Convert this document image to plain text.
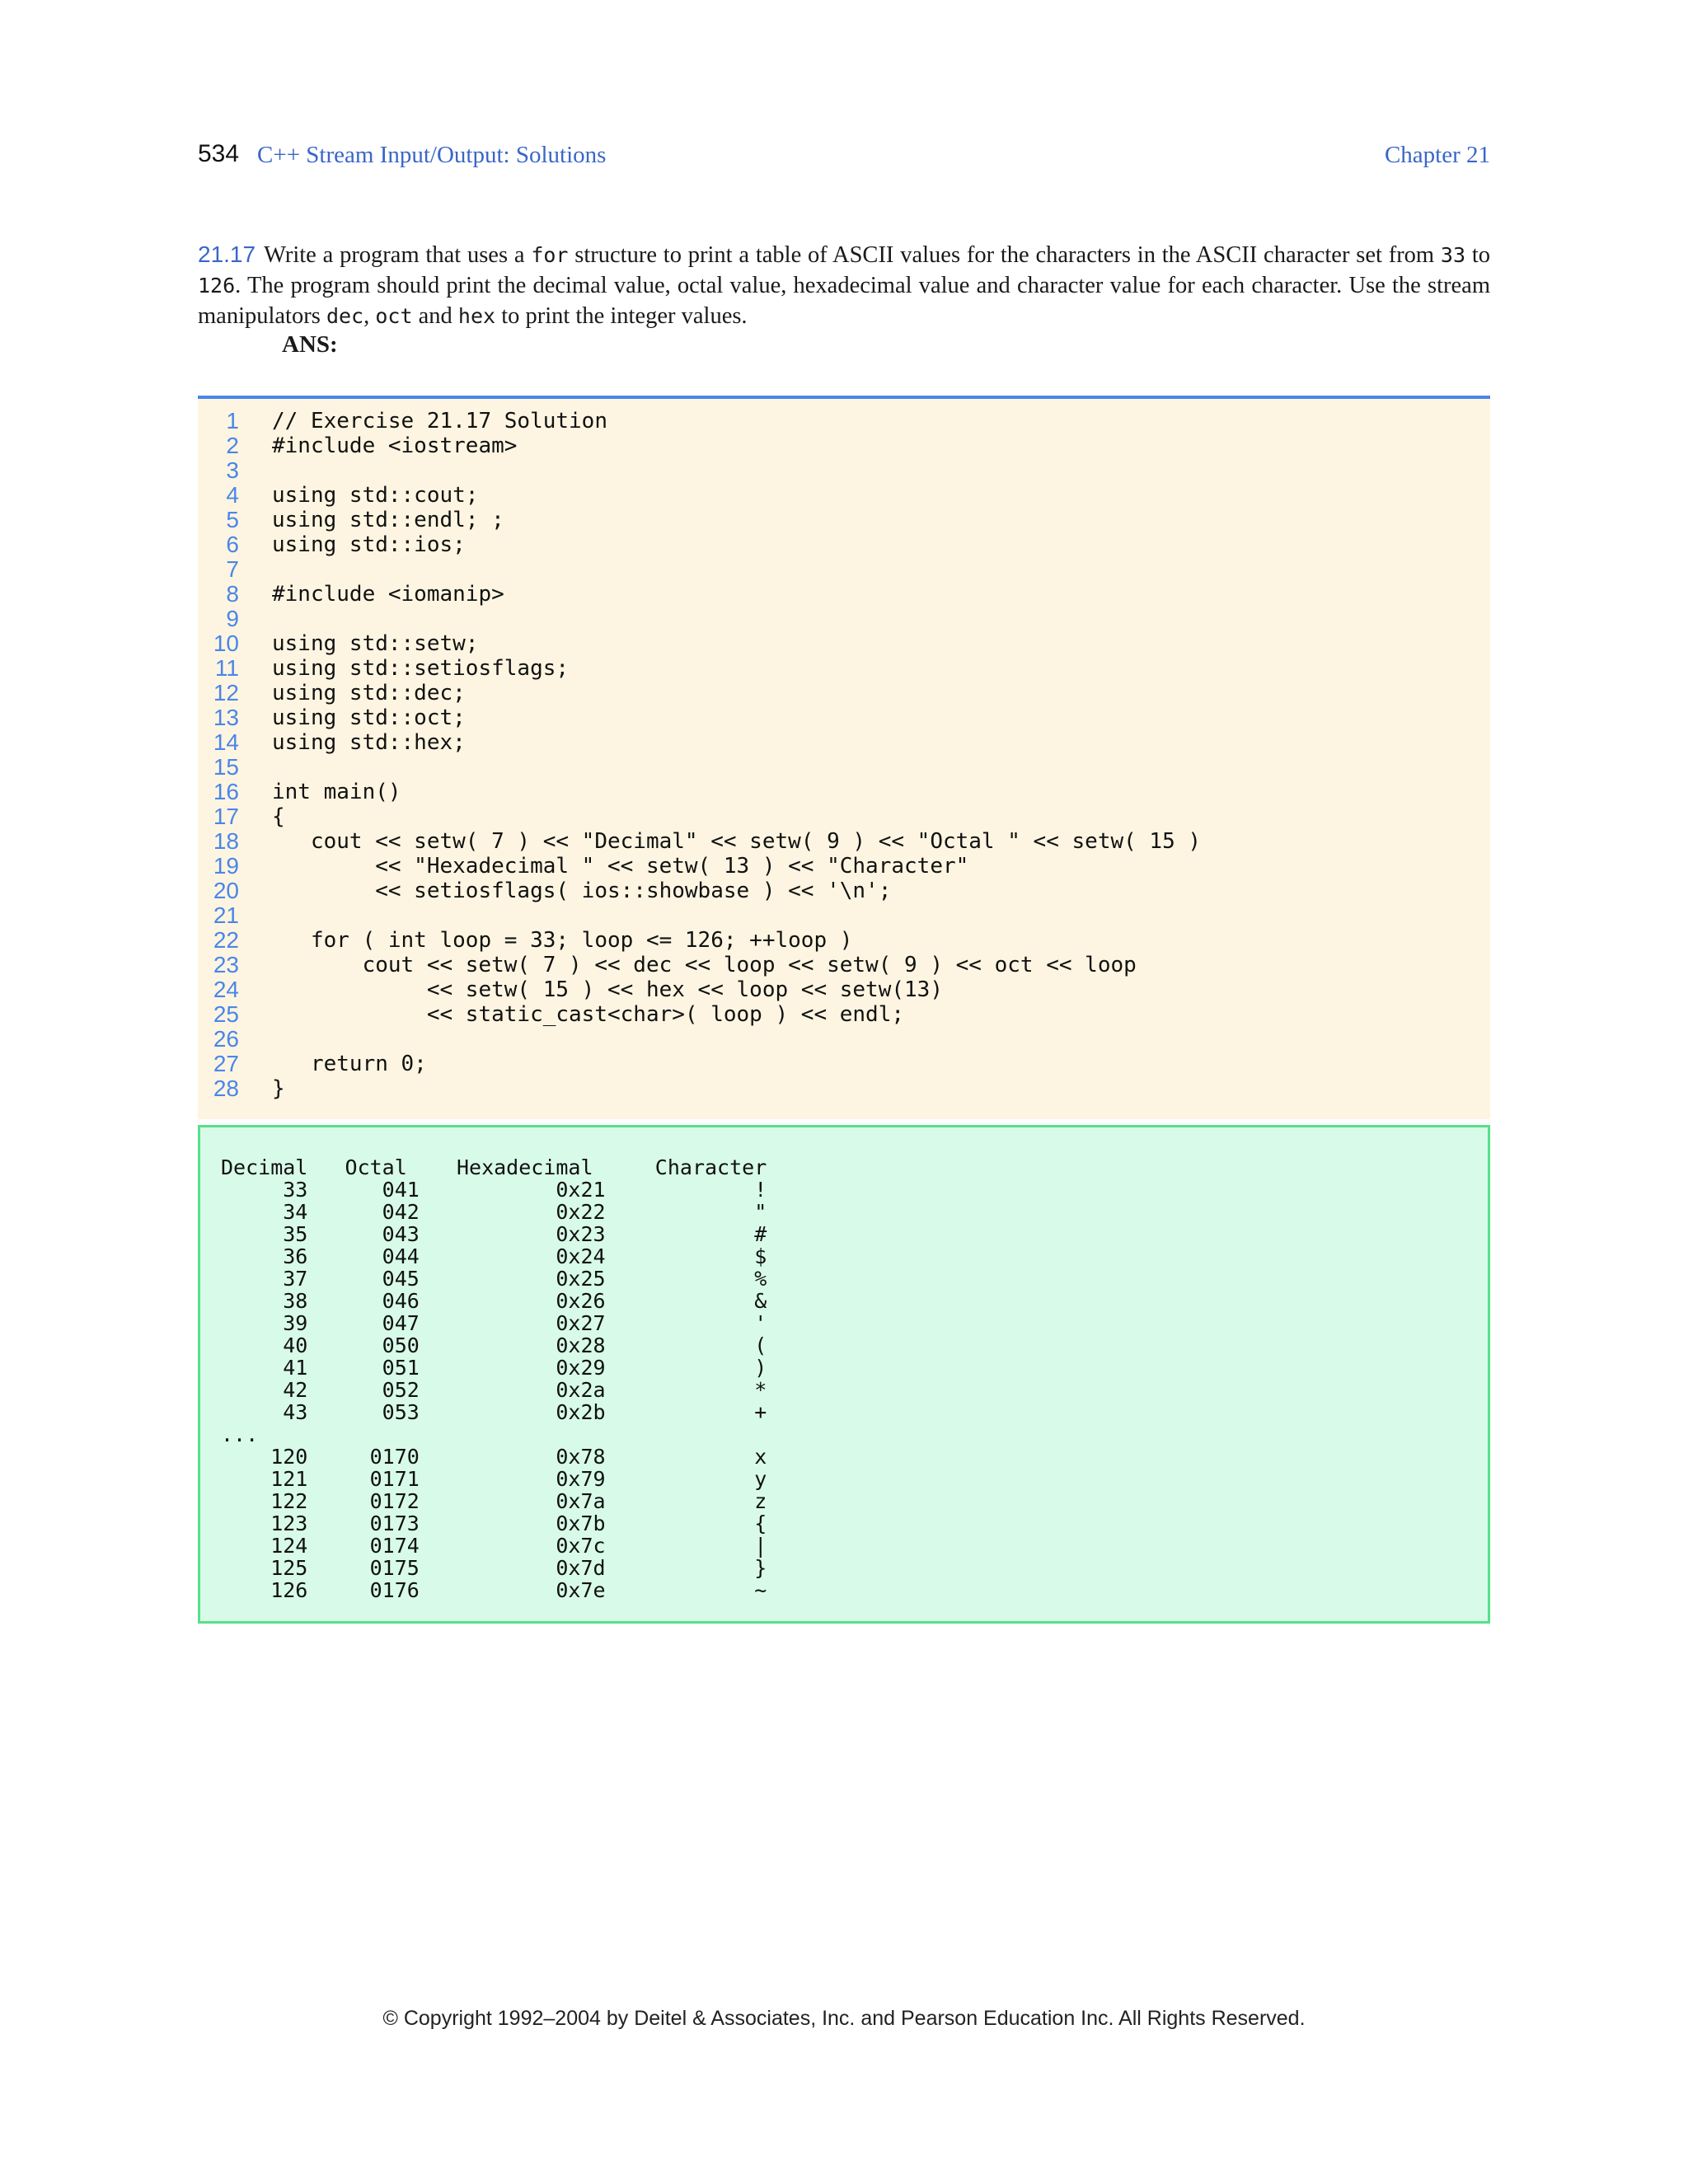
534 C++ Stream Input/Output: Solutions	Chapter 21
21.17 Write a program that uses a for structure to print a table of ASCII values for the characters in the ASCII character set from 33 to 126. The program should print the decimal value, octal value, hexadecimal value and character value for each character. Use the stream manipulators dec, oct and hex to print the integer values.
ANS:
1 // Exercise 21.17 Solution
2 #include <iostream>
3
4 using std::cout;
5 using std::endl; ;
6 using std::ios;
7
8 #include <iomanip>
9
10 using std::setw;
11 using std::setiosflags;
12 using std::dec;
13 using std::oct;
14 using std::hex;
15
16 int main()
17 {
18 cout << setw( 7 ) << "Decimal" << setw( 9 ) << "Octal " << setw( 15 )
19 << "Hexadecimal " << setw( 13 ) << "Character"
20 << setiosflags( ios::showbase ) << '\n';
21
22 for ( int loop = 33; loop <= 126; ++loop )
23 cout << setw( 7 ) << dec << loop << setw( 9 ) << oct << loop
24 << setw( 15 ) << hex << loop << setw(13)
25 << static_cast<char>( loop ) << endl;
26
27 return 0;
28 }
Decimal   Octal    Hexadecimal     Character
33      041           0x21            !
34      042           0x22            "
35      043           0x23            #
36      044           0x24            $
37      045           0x25            %
38      046           0x26            &
39      047           0x27            '
40      050           0x28            (
41      051           0x29            )
42      052           0x2a            *
43      053           0x2b            +
...
120     0170           0x78            x
121     0171           0x79            y
122     0172           0x7a            z
123     0173           0x7b            {
124     0174           0x7c            |
125     0175           0x7d            }
126     0176           0x7e            ~
© Copyright 1992–2004 by Deitel & Associates, Inc. and Pearson Education Inc. All Rights Reserved.
